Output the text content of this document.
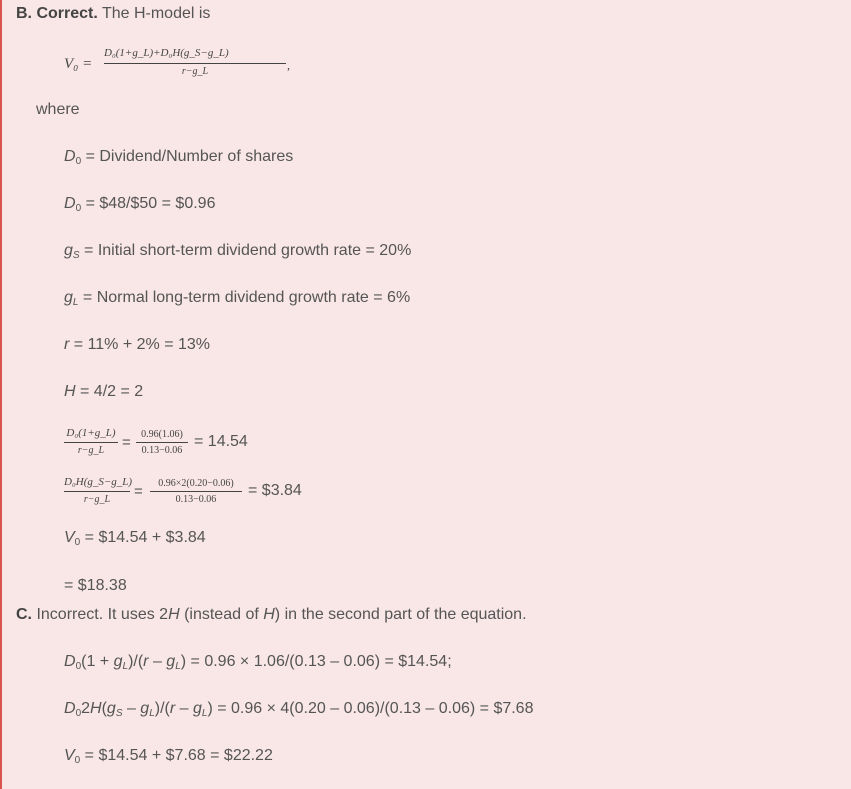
B. Correct. The H-model is
V₀ =
D₀(1+g_L)+D₀H(g_S−g_L)
r−g_L	,
where
$D_0$ = Dividend/Number of shares
$D_0$ = $48/$50 = $0.96
$g_S$ = Initial short-term dividend growth rate = 20%
$g_L$ = Normal long-term dividend growth rate = 6%
r = 11% + 2% = 13%
H = 4/2 = 2
D₀(1+g_L)
r−g_L	=	0.96(1.06)
0.13−0.06
= 14.54
D₀H(g_S−g_L)
r−g_L	=	0.96×2(0.20−0.06)
0.13−0.06
= $3.84
$V_0$ = $14.54 + $3.84
= $18.38
C. Incorrect. It uses 2H (instead of H) in the second part of the equation.
$D_0(1 + g_L)/(r - g_L) = 0.96 \times 1.06/(0.13 - 0.06)$ = $14.54;
$D_02H(g_S - g_L)/(r - g_L) = 0.96 \times 4(0.20 - 0.06)/(0.13 - 0.06)$ = $7.68
$V_0$ = $14.54 + $7.68 = $22.22
